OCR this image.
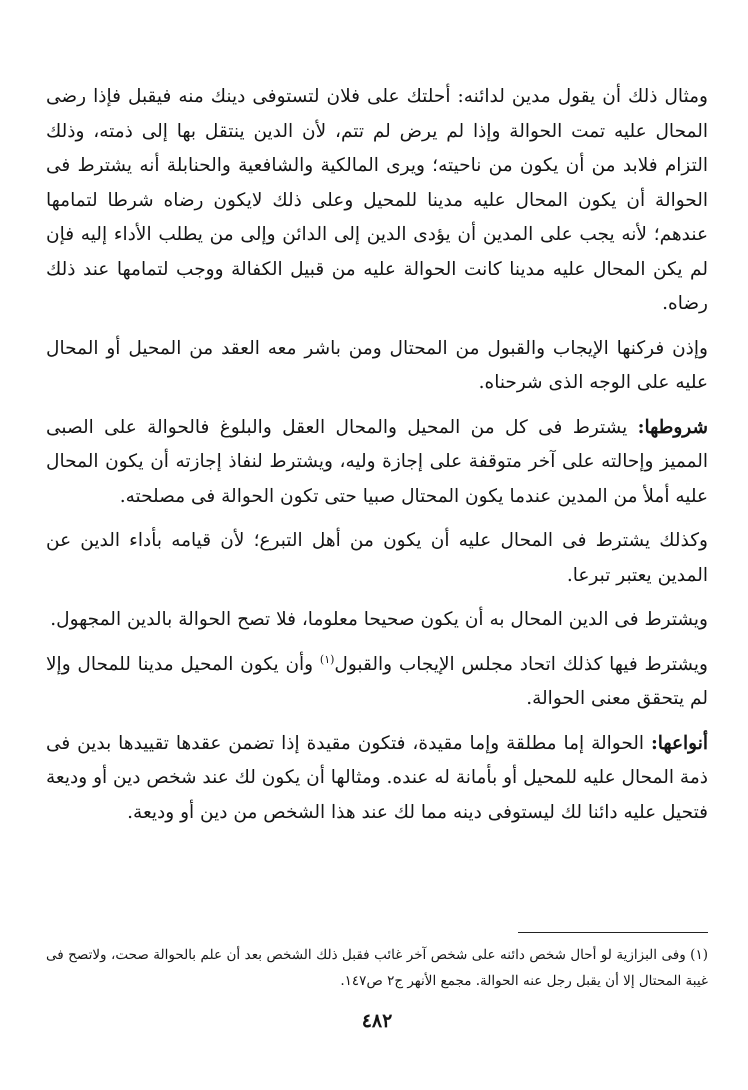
ومثال ذلك أن يقول مدين لدائنه: أحلتك على فلان لتستوفى دينك منه فيقبل فإذا رضى المحال عليه تمت الحوالة وإذا لم يرض لم تتم، لأن الدين ينتقل بها إلى ذمته، وذلك التزام فلابد من أن يكون من ناحيته؛ ويرى المالكية والشافعية والحنابلة أنه يشترط فى الحوالة أن يكون المحال عليه مدينا للمحيل وعلى ذلك لايكون رضاه شرطا لتمامها عندهم؛ لأنه يجب على المدين أن يؤدى الدين إلى الدائن وإلى من يطلب الأداء إليه فإن لم يكن المحال عليه مدينا كانت الحوالة عليه من قبيل الكفالة ووجب لتمامها عند ذلك رضاه.

وإذن فركنها الإيجاب والقبول من المحتال ومن باشر معه العقد من المحيل أو المحال عليه على الوجه الذى شرحناه.

شروطها: يشترط فى كل من المحيل والمحال العقل والبلوغ فالحوالة على الصبى المميز وإحالته على آخر متوقفة على إجازة وليه، ويشترط لنفاذ إجازته أن يكون المحال عليه أملأ من المدين عندما يكون المحتال صبيا حتى تكون الحوالة فى مصلحته.

وكذلك يشترط فى المحال عليه أن يكون من أهل التبرع؛ لأن قيامه بأداء الدين عن المدين يعتبر تبرعا.

ويشترط فى الدين المحال به أن يكون صحيحا معلوما، فلا تصح الحوالة بالدين المجهول.

ويشترط فيها كذلك اتحاد مجلس الإيجاب والقبول$^{(١)}$ وأن يكون المحيل مدينا للمحال وإلا لم يتحقق معنى الحوالة.

أنواعها: الحوالة إما مطلقة وإما مقيدة، فتكون مقيدة إذا تضمن عقدها تقييدها بدين فى ذمة المحال عليه للمحيل أو بأمانة له عنده. ومثالها أن يكون لك عند شخص دين أو وديعة فتحيل عليه دائنا لك ليستوفى دينه مما لك عند هذا الشخص من دين أو وديعة.

(١) وفى البزازية لو أحال شخص دائنه على شخص آخر غائب فقبل ذلك الشخص بعد أن علم بالحوالة صحت، ولاتصح فى غيبة المحتال إلا أن يقبل رجل عنه الحوالة. مجمع الأنهر ج٢ ص١٤٧.

٤٨٢
